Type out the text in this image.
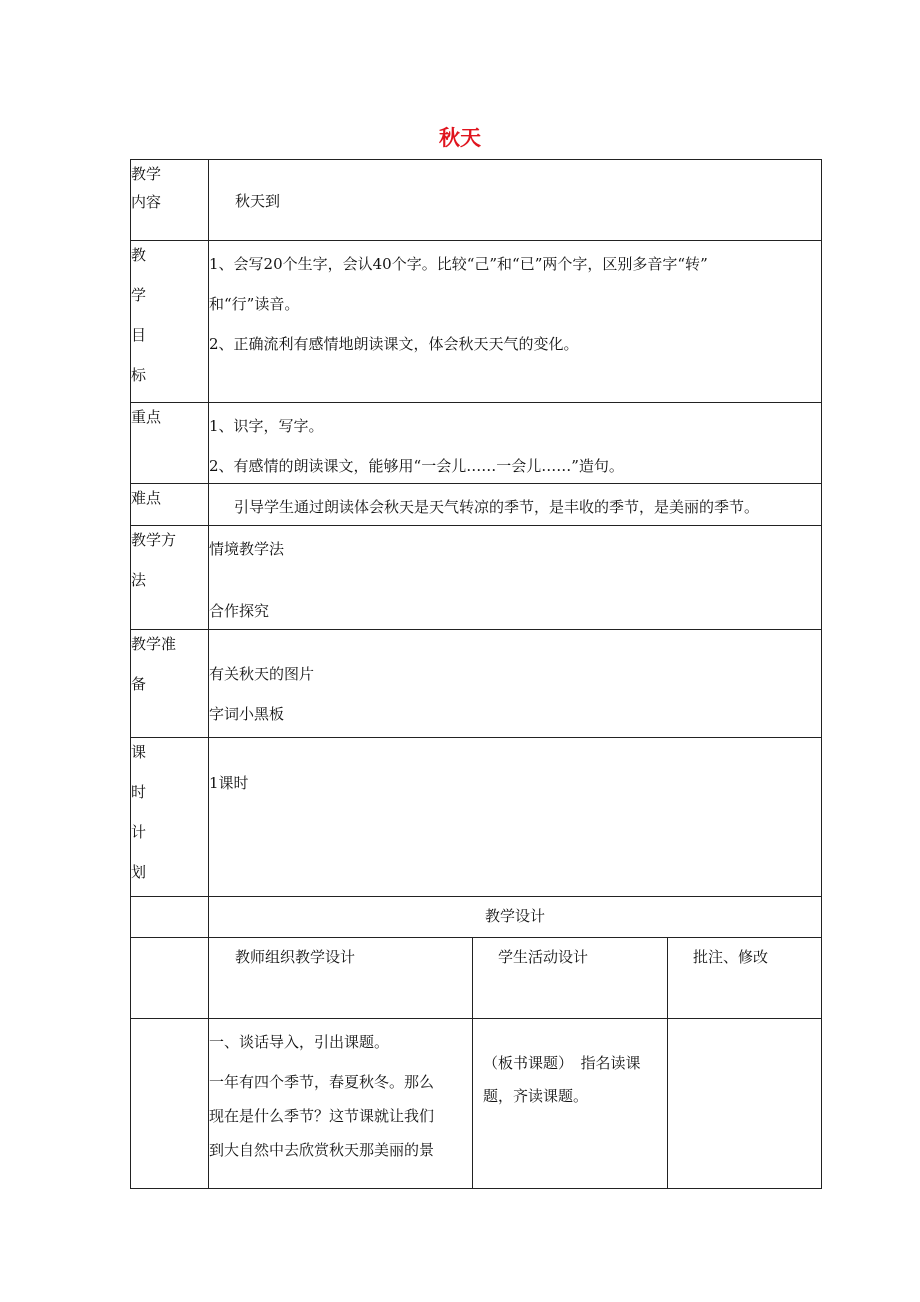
秋天
教学
内容	秋天到		

教
学
目
标	1、会写20个生字，会认40个字。比较“己”和“已”两个字，区别多音字“转”
和“行”读音。
2、正确流利有感情地朗读课文，体会秋天天气的变化。		

重点	1、识字，写字。
2、有感情的朗读课文，能够用“一会儿……一会儿……”造句。		

难点	引导学生通过朗读体会秋天是天气转凉的季节，是丰收的季节，是美丽的季节。		

教学方
法	情境教学法
合作探究		

教学准
备	有关秋天的图片
字词小黑板		

课
时
计
划	1课时		

	教学设计		
	教师组织教学设计	学生活动设计	批注、修改

	一、谈话导入，引出课题。
一年有四个季节，春夏秋冬。那么
现在是什么季节？这节课就让我们
到大自然中去欣赏秋天那美丽的景	（板书课题）　指名读课
题，齐读课题。	
